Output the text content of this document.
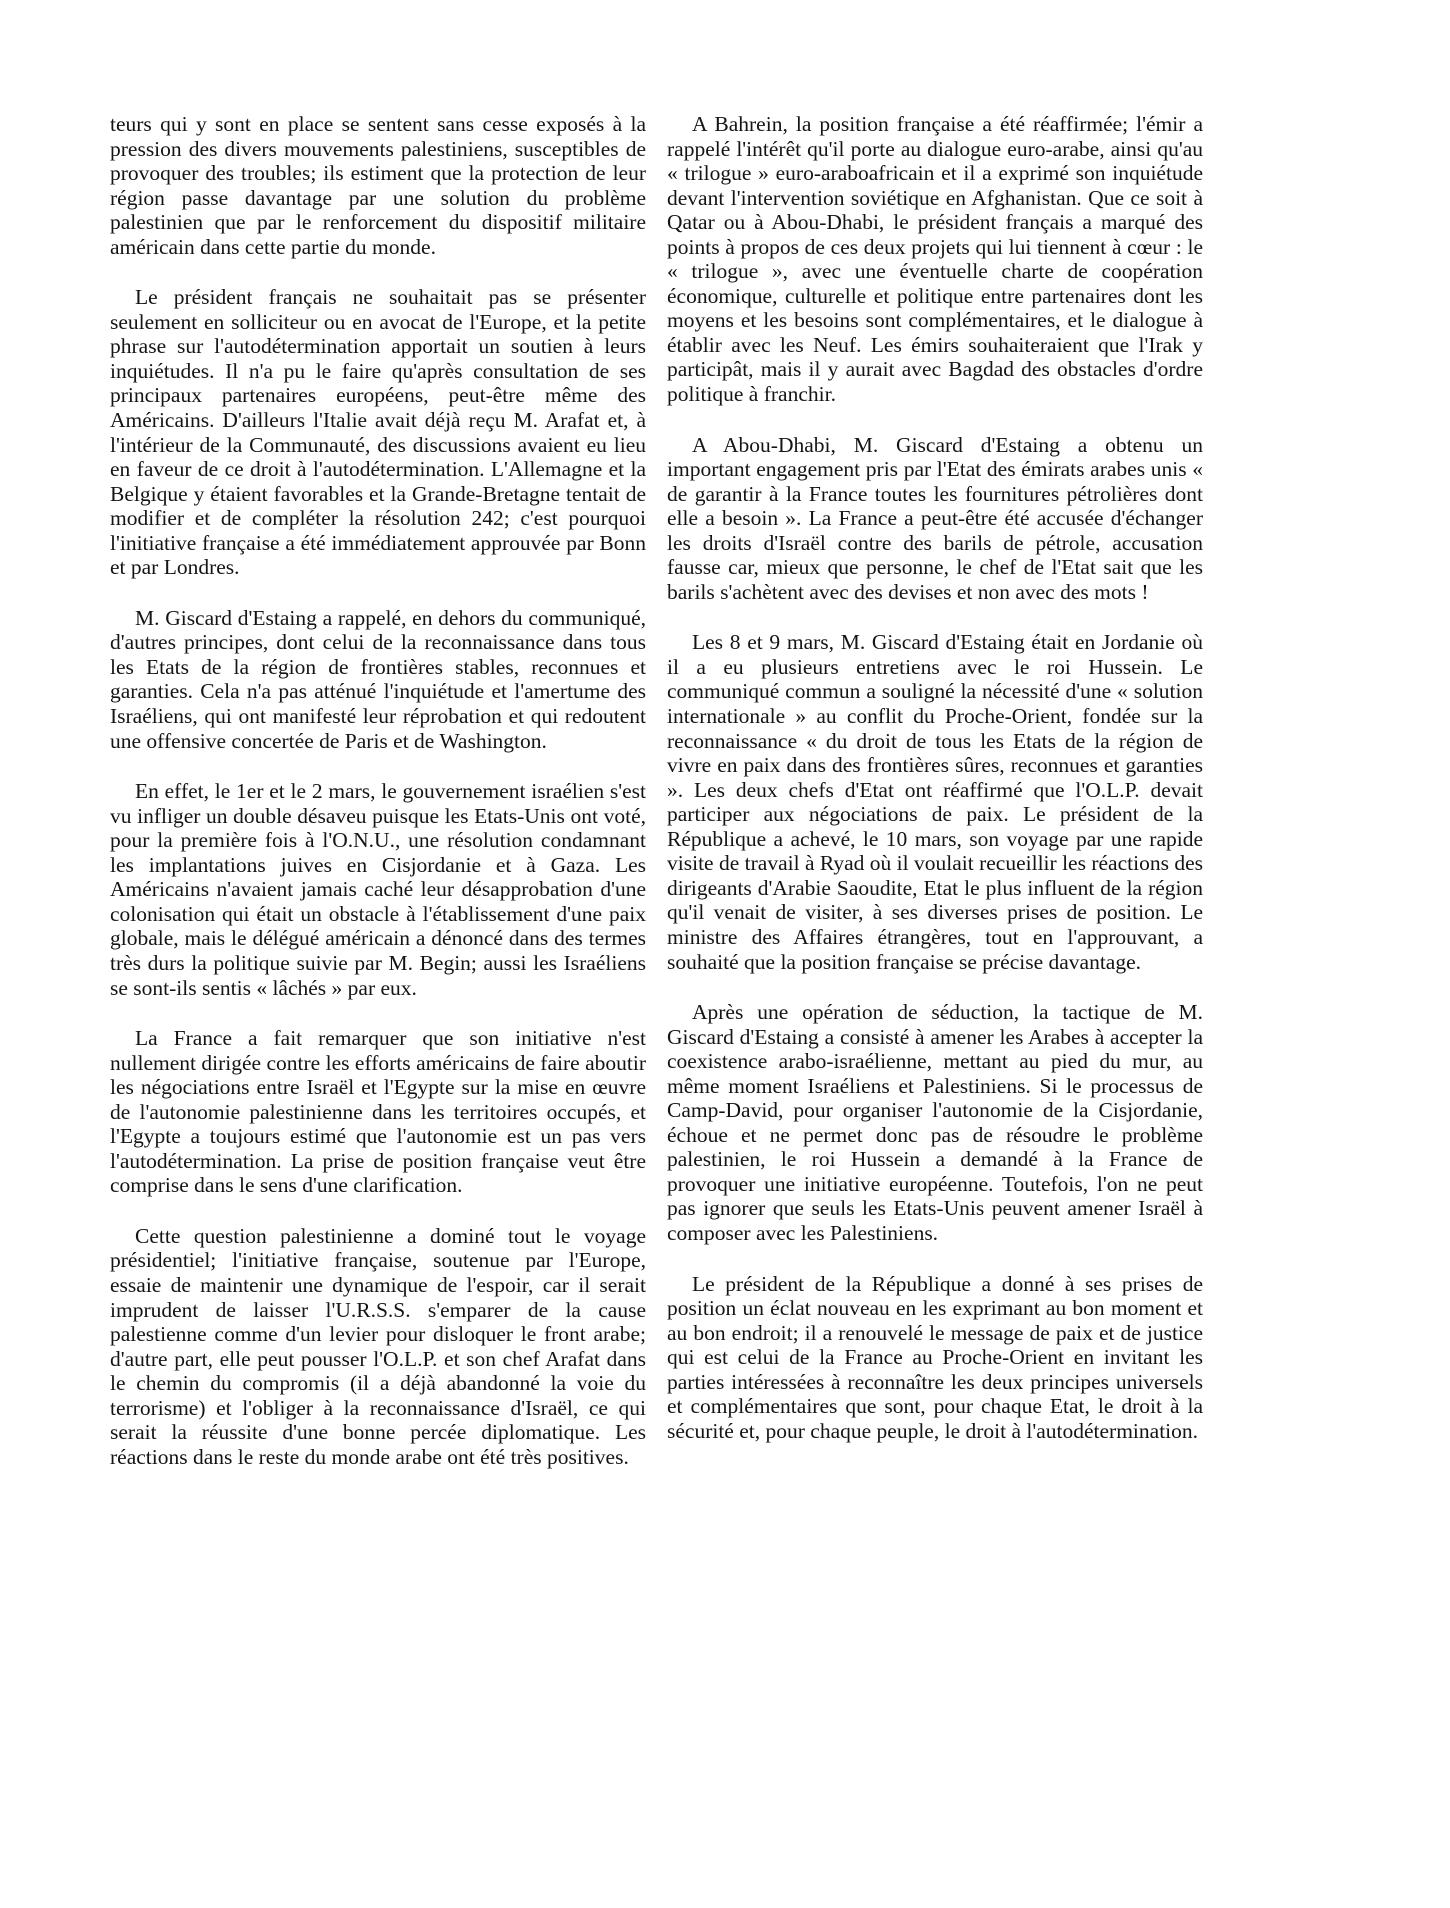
teurs qui y sont en place se sentent sans cesse exposés à la pression des divers mouvements palestiniens, susceptibles de provoquer des troubles; ils estiment que la protection de leur région passe davantage par une solution du problème palestinien que par le renforcement du dispositif militaire américain dans cette partie du monde.

Le président français ne souhaitait pas se présenter seulement en solliciteur ou en avocat de l'Europe, et la petite phrase sur l'autodétermination apportait un soutien à leurs inquiétudes. Il n'a pu le faire qu'après consultation de ses principaux partenaires européens, peut-être même des Américains. D'ailleurs l'Italie avait déjà reçu M. Arafat et, à l'intérieur de la Communauté, des discussions avaient eu lieu en faveur de ce droit à l'autodétermination. L'Allemagne et la Belgique y étaient favorables et la Grande-Bretagne tentait de modifier et de compléter la résolution 242; c'est pourquoi l'initiative française a été immédiatement approuvée par Bonn et par Londres.

M. Giscard d'Estaing a rappelé, en dehors du communiqué, d'autres principes, dont celui de la reconnaissance dans tous les Etats de la région de frontières stables, reconnues et garanties. Cela n'a pas atténué l'inquiétude et l'amertume des Israéliens, qui ont manifesté leur réprobation et qui redoutent une offensive concertée de Paris et de Washington.

En effet, le 1er et le 2 mars, le gouvernement israélien s'est vu infliger un double désaveu puisque les Etats-Unis ont voté, pour la première fois à l'O.N.U., une résolution condamnant les implantations juives en Cisjordanie et à Gaza. Les Américains n'avaient jamais caché leur désapprobation d'une colonisation qui était un obstacle à l'établissement d'une paix globale, mais le délégué américain a dénoncé dans des termes très durs la politique suivie par M. Begin; aussi les Israéliens se sont-ils sentis « lâchés » par eux.

La France a fait remarquer que son initiative n'est nullement dirigée contre les efforts américains de faire aboutir les négociations entre Israël et l'Egypte sur la mise en œuvre de l'autonomie palestinienne dans les territoires occupés, et l'Egypte a toujours estimé que l'autonomie est un pas vers l'autodétermination. La prise de position française veut être comprise dans le sens d'une clarification.

Cette question palestinienne a dominé tout le voyage présidentiel; l'initiative française, soutenue par l'Europe, essaie de maintenir une dynamique de l'espoir, car il serait imprudent de laisser l'U.R.S.S. s'emparer de la cause palestienne comme d'un levier pour disloquer le front arabe; d'autre part, elle peut pousser l'O.L.P. et son chef Arafat dans le chemin du compromis (il a déjà abandonné la voie du terrorisme) et l'obliger à la reconnaissance d'Israël, ce qui serait la réussite d'une bonne percée diplomatique. Les réactions dans le reste du monde arabe ont été très positives.

A Bahrein, la position française a été réaffirmée; l'émir a rappelé l'intérêt qu'il porte au dialogue euro-arabe, ainsi qu'au « trilogue » euro-araboafricain et il a exprimé son inquiétude devant l'intervention soviétique en Afghanistan. Que ce soit à Qatar ou à Abou-Dhabi, le président français a marqué des points à propos de ces deux projets qui lui tiennent à cœur : le « trilogue », avec une éventuelle charte de coopération économique, culturelle et politique entre partenaires dont les moyens et les besoins sont complémentaires, et le dialogue à établir avec les Neuf. Les émirs souhaiteraient que l'Irak y participât, mais il y aurait avec Bagdad des obstacles d'ordre politique à franchir.

A Abou-Dhabi, M. Giscard d'Estaing a obtenu un important engagement pris par l'Etat des émirats arabes unis « de garantir à la France toutes les fournitures pétrolières dont elle a besoin ». La France a peut-être été accusée d'échanger les droits d'Israël contre des barils de pétrole, accusation fausse car, mieux que personne, le chef de l'Etat sait que les barils s'achètent avec des devises et non avec des mots !

Les 8 et 9 mars, M. Giscard d'Estaing était en Jordanie où il a eu plusieurs entretiens avec le roi Hussein. Le communiqué commun a souligné la nécessité d'une « solution internationale » au conflit du Proche-Orient, fondée sur la reconnaissance « du droit de tous les Etats de la région de vivre en paix dans des frontières sûres, reconnues et garanties ». Les deux chefs d'Etat ont réaffirmé que l'O.L.P. devait participer aux négociations de paix. Le président de la République a achevé, le 10 mars, son voyage par une rapide visite de travail à Ryad où il voulait recueillir les réactions des dirigeants d'Arabie Saoudite, Etat le plus influent de la région qu'il venait de visiter, à ses diverses prises de position. Le ministre des Affaires étrangères, tout en l'approuvant, a souhaité que la position française se précise davantage.

Après une opération de séduction, la tactique de M. Giscard d'Estaing a consisté à amener les Arabes à accepter la coexistence arabo-israélienne, mettant au pied du mur, au même moment Israéliens et Palestiniens. Si le processus de Camp-David, pour organiser l'autonomie de la Cisjordanie, échoue et ne permet donc pas de résoudre le problème palestinien, le roi Hussein a demandé à la France de provoquer une initiative européenne. Toutefois, l'on ne peut pas ignorer que seuls les Etats-Unis peuvent amener Israël à composer avec les Palestiniens.

Le président de la République a donné à ses prises de position un éclat nouveau en les exprimant au bon moment et au bon endroit; il a renouvelé le message de paix et de justice qui est celui de la France au Proche-Orient en invitant les parties intéressées à reconnaître les deux principes universels et complémentaires que sont, pour chaque Etat, le droit à la sécurité et, pour chaque peuple, le droit à l'autodétermination.
